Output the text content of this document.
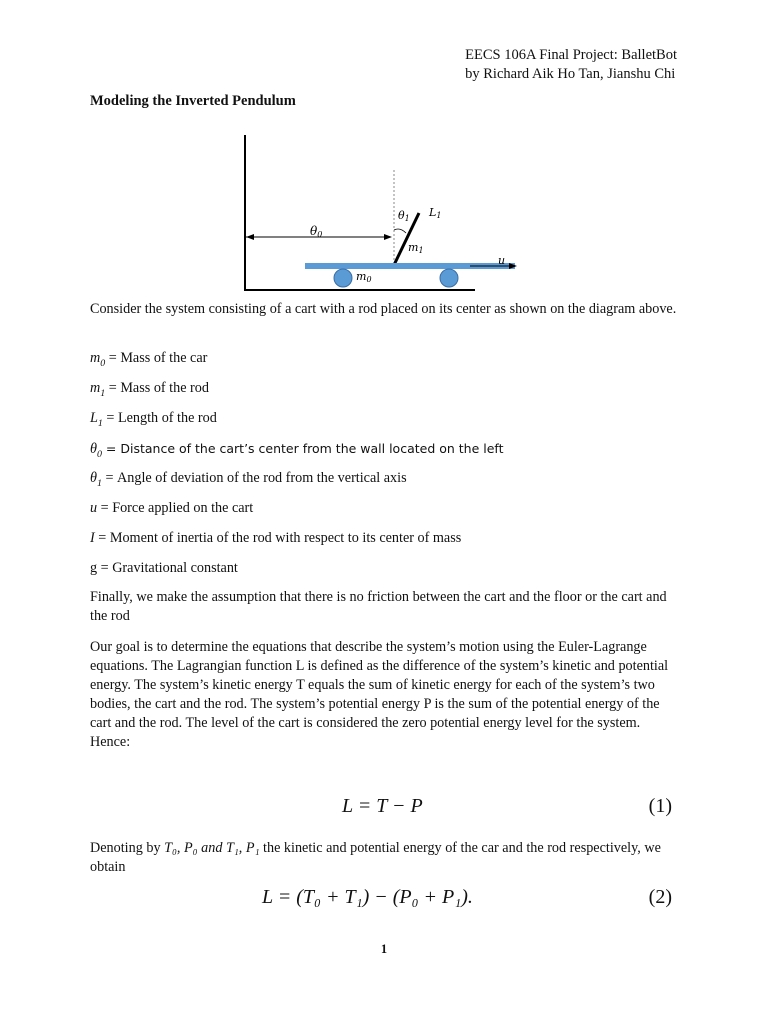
EECS 106A Final Project: BalletBot
by Richard Aik Ho Tan, Jianshu Chi
Modeling the Inverted Pendulum
θ0
θ1 L1
m1
m0
u
Consider the system consisting of a cart with a rod placed on its center as shown on the diagram above.
$m_0$ = Mass of the car
$m_1$ = Mass of the rod
$L_1$ = Length of the rod
$\theta_0$ = Distance of the cart’s center from the wall located on the left
$\theta_1$ = Angle of deviation of the rod from the vertical axis
u = Force applied on the cart
I = Moment of inertia of the rod with respect to its center of mass
g = Gravitational constant
Finally, we make the assumption that there is no friction between the cart and the floor or the cart and the rod
Our goal is to determine the equations that describe the system’s motion using the Euler-Lagrange equations. The Lagrangian function L is defined as the difference of the system’s kinetic and potential energy. The system’s kinetic energy T equals the sum of kinetic energy for each of the system’s two bodies, the cart and the rod. The system’s potential energy P is the sum of the potential energy of the cart and the rod. The level of the cart is considered the zero potential energy level for the system. Hence:
L = T − P	(1)
Denoting by T₀, P₀ and T₁, P₁ the kinetic and potential energy of the car and the rod respectively, we obtain
L = (T₀ + T₁) − (P₀ + P₁).	(2)
1
